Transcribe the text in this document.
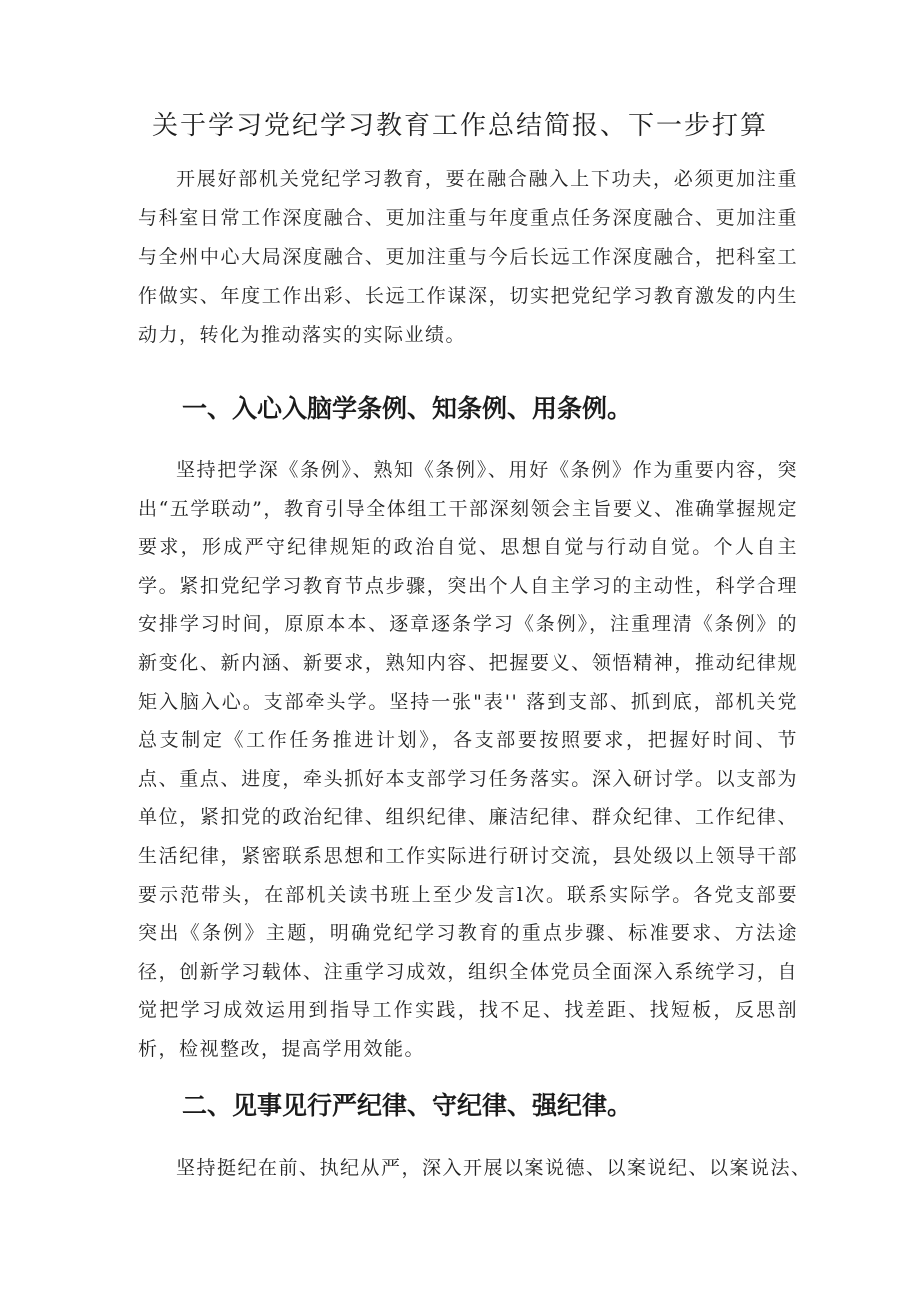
关于学习党纪学习教育工作总结简报、下一步打算

开展好部机关党纪学习教育，要在融合融入上下功夫，必须更加注重与科室日常工作深度融合、更加注重与年度重点任务深度融合、更加注重与全州中心大局深度融合、更加注重与今后长远工作深度融合，把科室工作做实、年度工作出彩、长远工作谋深，切实把党纪学习教育激发的内生动力，转化为推动落实的实际业绩。

一、入心入脑学条例、知条例、用条例。

坚持把学深《条例》、熟知《条例》、用好《条例》作为重要内容，突出“五学联动”，教育引导全体组工干部深刻领会主旨要义、准确掌握规定要求，形成严守纪律规矩的政治自觉、思想自觉与行动自觉。个人自主学。紧扣党纪学习教育节点步骤，突出个人自主学习的主动性，科学合理安排学习时间，原原本本、逐章逐条学习《条例》，注重理清《条例》的新变化、新内涵、新要求，熟知内容、把握要义、领悟精神，推动纪律规矩入脑入心。支部牵头学。坚持一张"表'' 落到支部、抓到底，部机关党总支制定《工作任务推进计划》，各支部要按照要求，把握好时间、节点、重点、进度，牵头抓好本支部学习任务落实。深入研讨学。以支部为单位，紧扣党的政治纪律、组织纪律、廉洁纪律、群众纪律、工作纪律、生活纪律，紧密联系思想和工作实际进行研讨交流，县处级以上领导干部要示范带头，在部机关读书班上至少发言l次。联系实际学。各党支部要突出《条例》主题，明确党纪学习教育的重点步骤、标准要求、方法途径，创新学习载体、注重学习成效，组织全体党员全面深入系统学习，自觉把学习成效运用到指导工作实践，找不足、找差距、找短板，反思剖析，检视整改，提高学用效能。

二、见事见行严纪律、守纪律、强纪律。

坚持挺纪在前、执纪从严，深入开展以案说德、以案说纪、以案说法、
